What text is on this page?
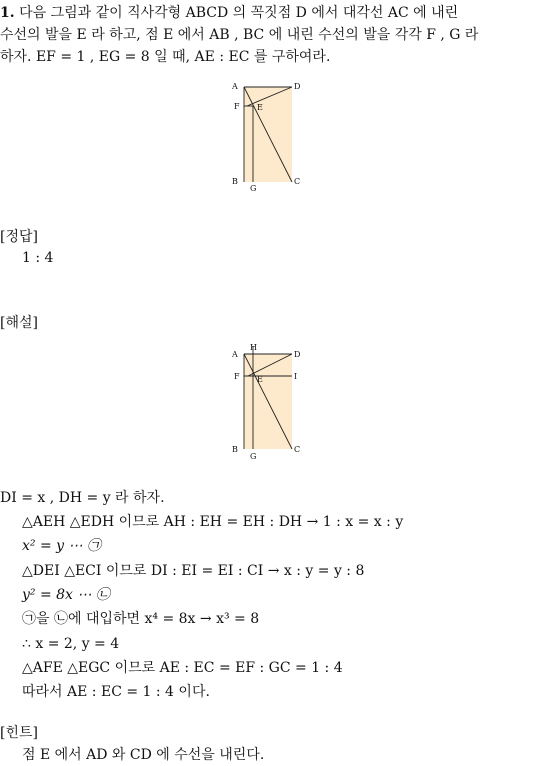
1. 다음 그림과 같이 직사각형 ABCD 의 꼭짓점 D 에서 대각선 AC 에 내린

수선의 발을 E 라 하고, 점 E 에서 AB , BC 에 내린 수선의 발을 각각 F , G 라

하자. EF = 1 , EG = 8 일 때, AE : EC 를 구하여라.

A	D
F E
B
G
C
[정답]
1 : 4
[해설]
A
H
D
F E	I
B
G
C
DI = x , DH = y 라 하자.
△AEH △EDH 이므로 AH : EH = EH : DH → 1 : x = x : y
x² = y ⋯ ㉠
△DEI △ECI 이므로 DI : EI = EI : CI → x : y = y : 8
y² = 8x ⋯ ㉡
㉠을 ㉡에 대입하면 x⁴ = 8x → x³ = 8
∴ x = 2, y = 4
△AFE △EGC 이므로 AE : EC = EF : GC = 1 : 4
따라서 AE : EC = 1 : 4 이다.
[힌트]
점 E 에서 AD 와 CD 에 수선을 내린다.
